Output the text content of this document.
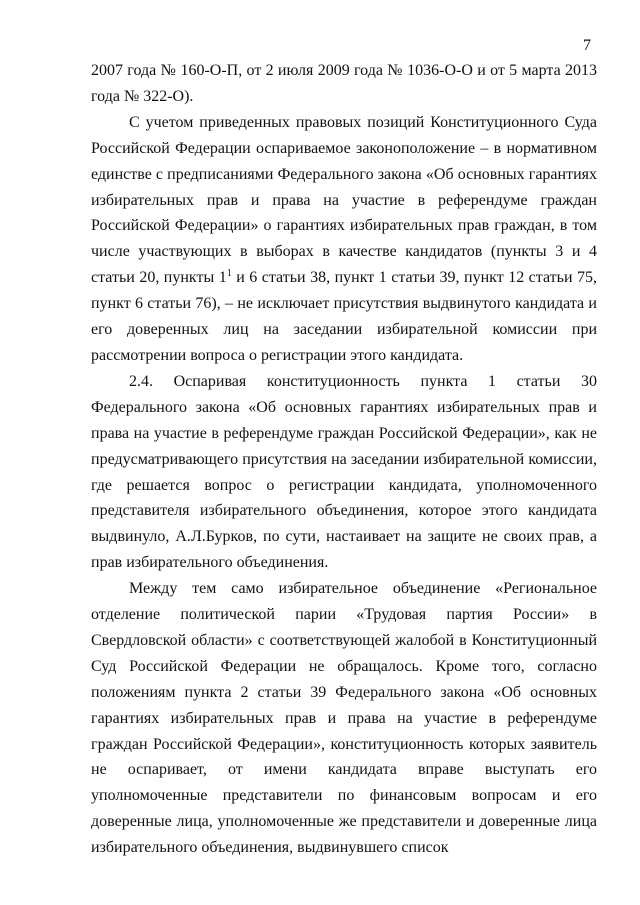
7

2007 года № 160-О-П, от 2 июля 2009 года № 1036-О-О и от 5 марта 2013 года № 322-О).

С учетом приведенных правовых позиций Конституционного Суда Российской Федерации оспариваемое законоположение – в нормативном единстве с предписаниями Федерального закона «Об основных гарантиях избирательных прав и права на участие в референдуме граждан Российской Федерации» о гарантиях избирательных прав граждан, в том числе участвующих в выборах в качестве кандидатов (пункты 3 и 4 статьи 20, пункты $1^1$ и 6 статьи 38, пункт 1 статьи 39, пункт 12 статьи 75, пункт 6 статьи 76), – не исключает присутствия выдвинутого кандидата и его доверенных лиц на заседании избирательной комиссии при рассмотрении вопроса о регистрации этого кандидата.

2.4. Оспаривая конституционность пункта 1 статьи 30 Федерального закона «Об основных гарантиях избирательных прав и права на участие в референдуме граждан Российской Федерации», как не предусматривающего присутствия на заседании избирательной комиссии, где решается вопрос о регистрации кандидата, уполномоченного представителя избирательного объединения, которое этого кандидата выдвинуло, А.Л.Бурков, по сути, настаивает на защите не своих прав, а прав избирательного объединения.

Между тем само избирательное объединение «Региональное отделение политической парии «Трудовая партия России» в Свердловской области» с соответствующей жалобой в Конституционный Суд Российской Федерации не обращалось. Кроме того, согласно положениям пункта 2 статьи 39 Федерального закона «Об основных гарантиях избирательных прав и права на участие в референдуме граждан Российской Федерации», конституционность которых заявитель не оспаривает, от имени кандидата вправе выступать его уполномоченные представители по финансовым вопросам и его доверенные лица, уполномоченные же представители и доверенные лица избирательного объединения, выдвинувшего список
